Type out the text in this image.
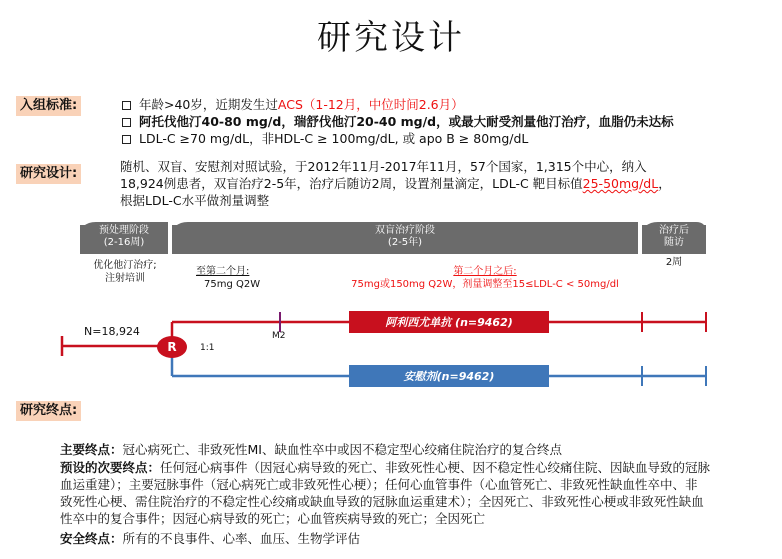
研究设计
入组标准:	年龄>40岁，近期发生过ACS（1-12月，中位时间2.6月）
阿托伐他汀40-80 mg/d，瑞舒伐他汀20-40 mg/d，或最大耐受剂量他汀治疗，血脂仍未达标
LDL-C ≥70 mg/dL，非HDL-C ≥ 100mg/dL, 或 apo B ≥ 80mg/dL
研究设计:	随机、双盲、安慰剂对照试验，于2012年11月-2017年11月，57个国家，1,315个中心，纳入
18,924例患者，双盲治疗2-5年，治疗后随访2周，设置剂量滴定，LDL-C 靶目标值25-50mg/dL，
根据LDL-C水平做剂量调整
预处理阶段
(2-16周)
双盲治疗阶段
(2-5年)
治疗后
随访
2周
优化他汀治疗;
注射培训
至第二个月:
75mg Q2W
第二个月之后:
75mg或150mg Q2W，剂量调整至15≤LDL-C < 50mg/dl
N=18,924
R	1:1
M2
阿利西尤单抗 (n=9462)
安慰剂(n=9462)
研究终点:
主要终点：冠心病死亡、非致死性MI、缺血性卒中或因不稳定型心绞痛住院治疗的复合终点
预设的次要终点：任何冠心病事件（因冠心病导致的死亡、非致死性心梗、因不稳定性心绞痛住院、因缺血导致的冠脉
血运重建）；主要冠脉事件（冠心病死亡或非致死性心梗）；任何心血管事件（心血管死亡、非致死性缺血性卒中、非
致死性心梗、需住院治疗的不稳定性心绞痛或缺血导致的冠脉血运重建术）；全因死亡、非致死性心梗或非致死性缺血
性卒中的复合事件；因冠心病导致的死亡；心血管疾病导致的死亡；全因死亡
安全终点：所有的不良事件、心率、血压、生物学评估
